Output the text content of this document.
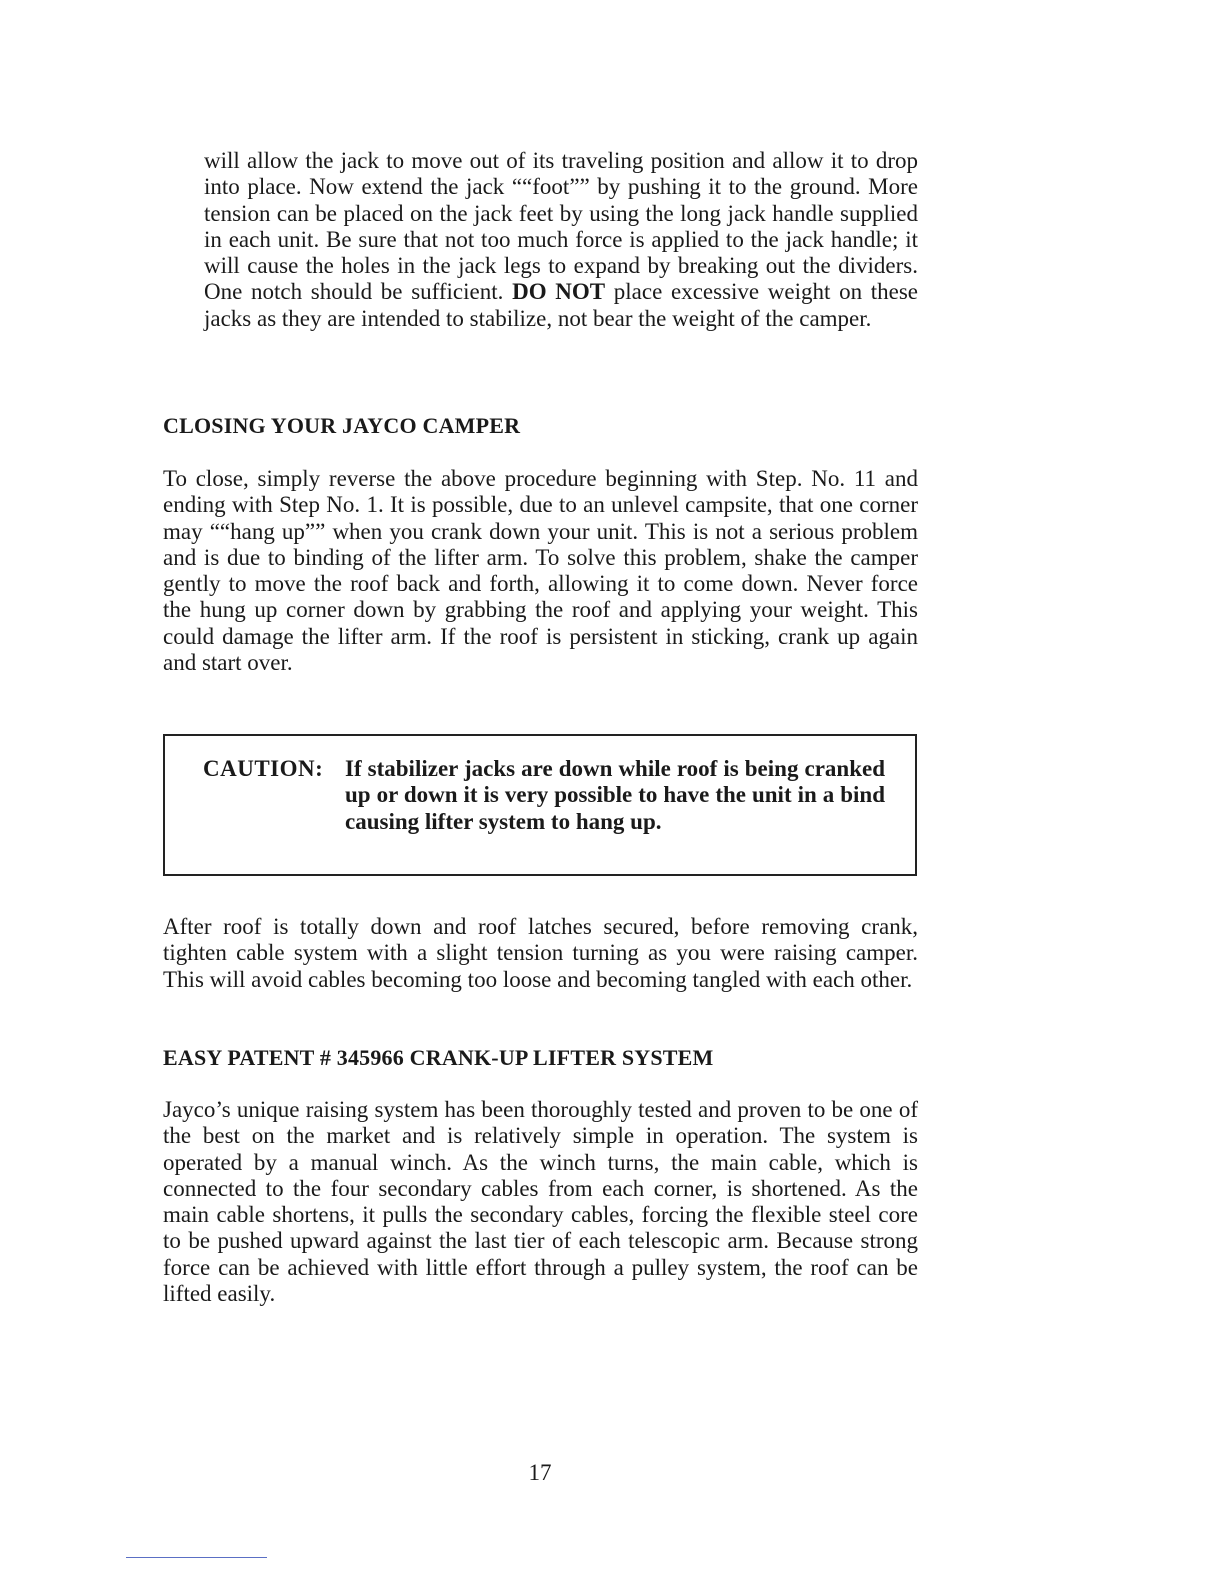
will allow the jack to move out of its traveling position and allow it to drop into place. Now extend the jack ““foot”” by pushing it to the ground. More tension can be placed on the jack feet by using the long jack handle supplied in each unit. Be sure that not too much force is applied to the jack handle; it will cause the holes in the jack legs to expand by breaking out the dividers. One notch should be sufficient. DO NOT place excessive weight on these jacks as they are intended to stabilize, not bear the weight of the camper.

CLOSING YOUR JAYCO CAMPER

To close, simply reverse the above procedure beginning with Step. No. 11 and ending with Step No. 1. It is possible, due to an unlevel campsite, that one corner may ““hang up”” when you crank down your unit. This is not a serious problem and is due to binding of the lifter arm. To solve this problem, shake the camper gently to move the roof back and forth, allowing it to come down. Never force the hung up corner down by grabbing the roof and applying your weight. This could damage the lifter arm. If the roof is persistent in sticking, crank up again and start over.

CAUTION: If stabilizer jacks are down while roof is being cranked up or down it is very possible to have the unit in a bind causing lifter system to hang up.

After roof is totally down and roof latches secured, before removing crank, tighten cable system with a slight tension turning as you were raising camper. This will avoid cables becoming too loose and becoming tangled with each other.

EASY PATENT # 345966 CRANK-UP LIFTER SYSTEM

Jayco’s unique raising system has been thoroughly tested and proven to be one of the best on the market and is relatively simple in operation. The system is operated by a manual winch. As the winch turns, the main cable, which is connected to the four secondary cables from each corner, is shortened. As the main cable shortens, it pulls the secondary cables, forcing the flexible steel core to be pushed upward against the last tier of each telescopic arm. Because strong force can be achieved with little effort through a pulley system, the roof can be lifted easily.

17
